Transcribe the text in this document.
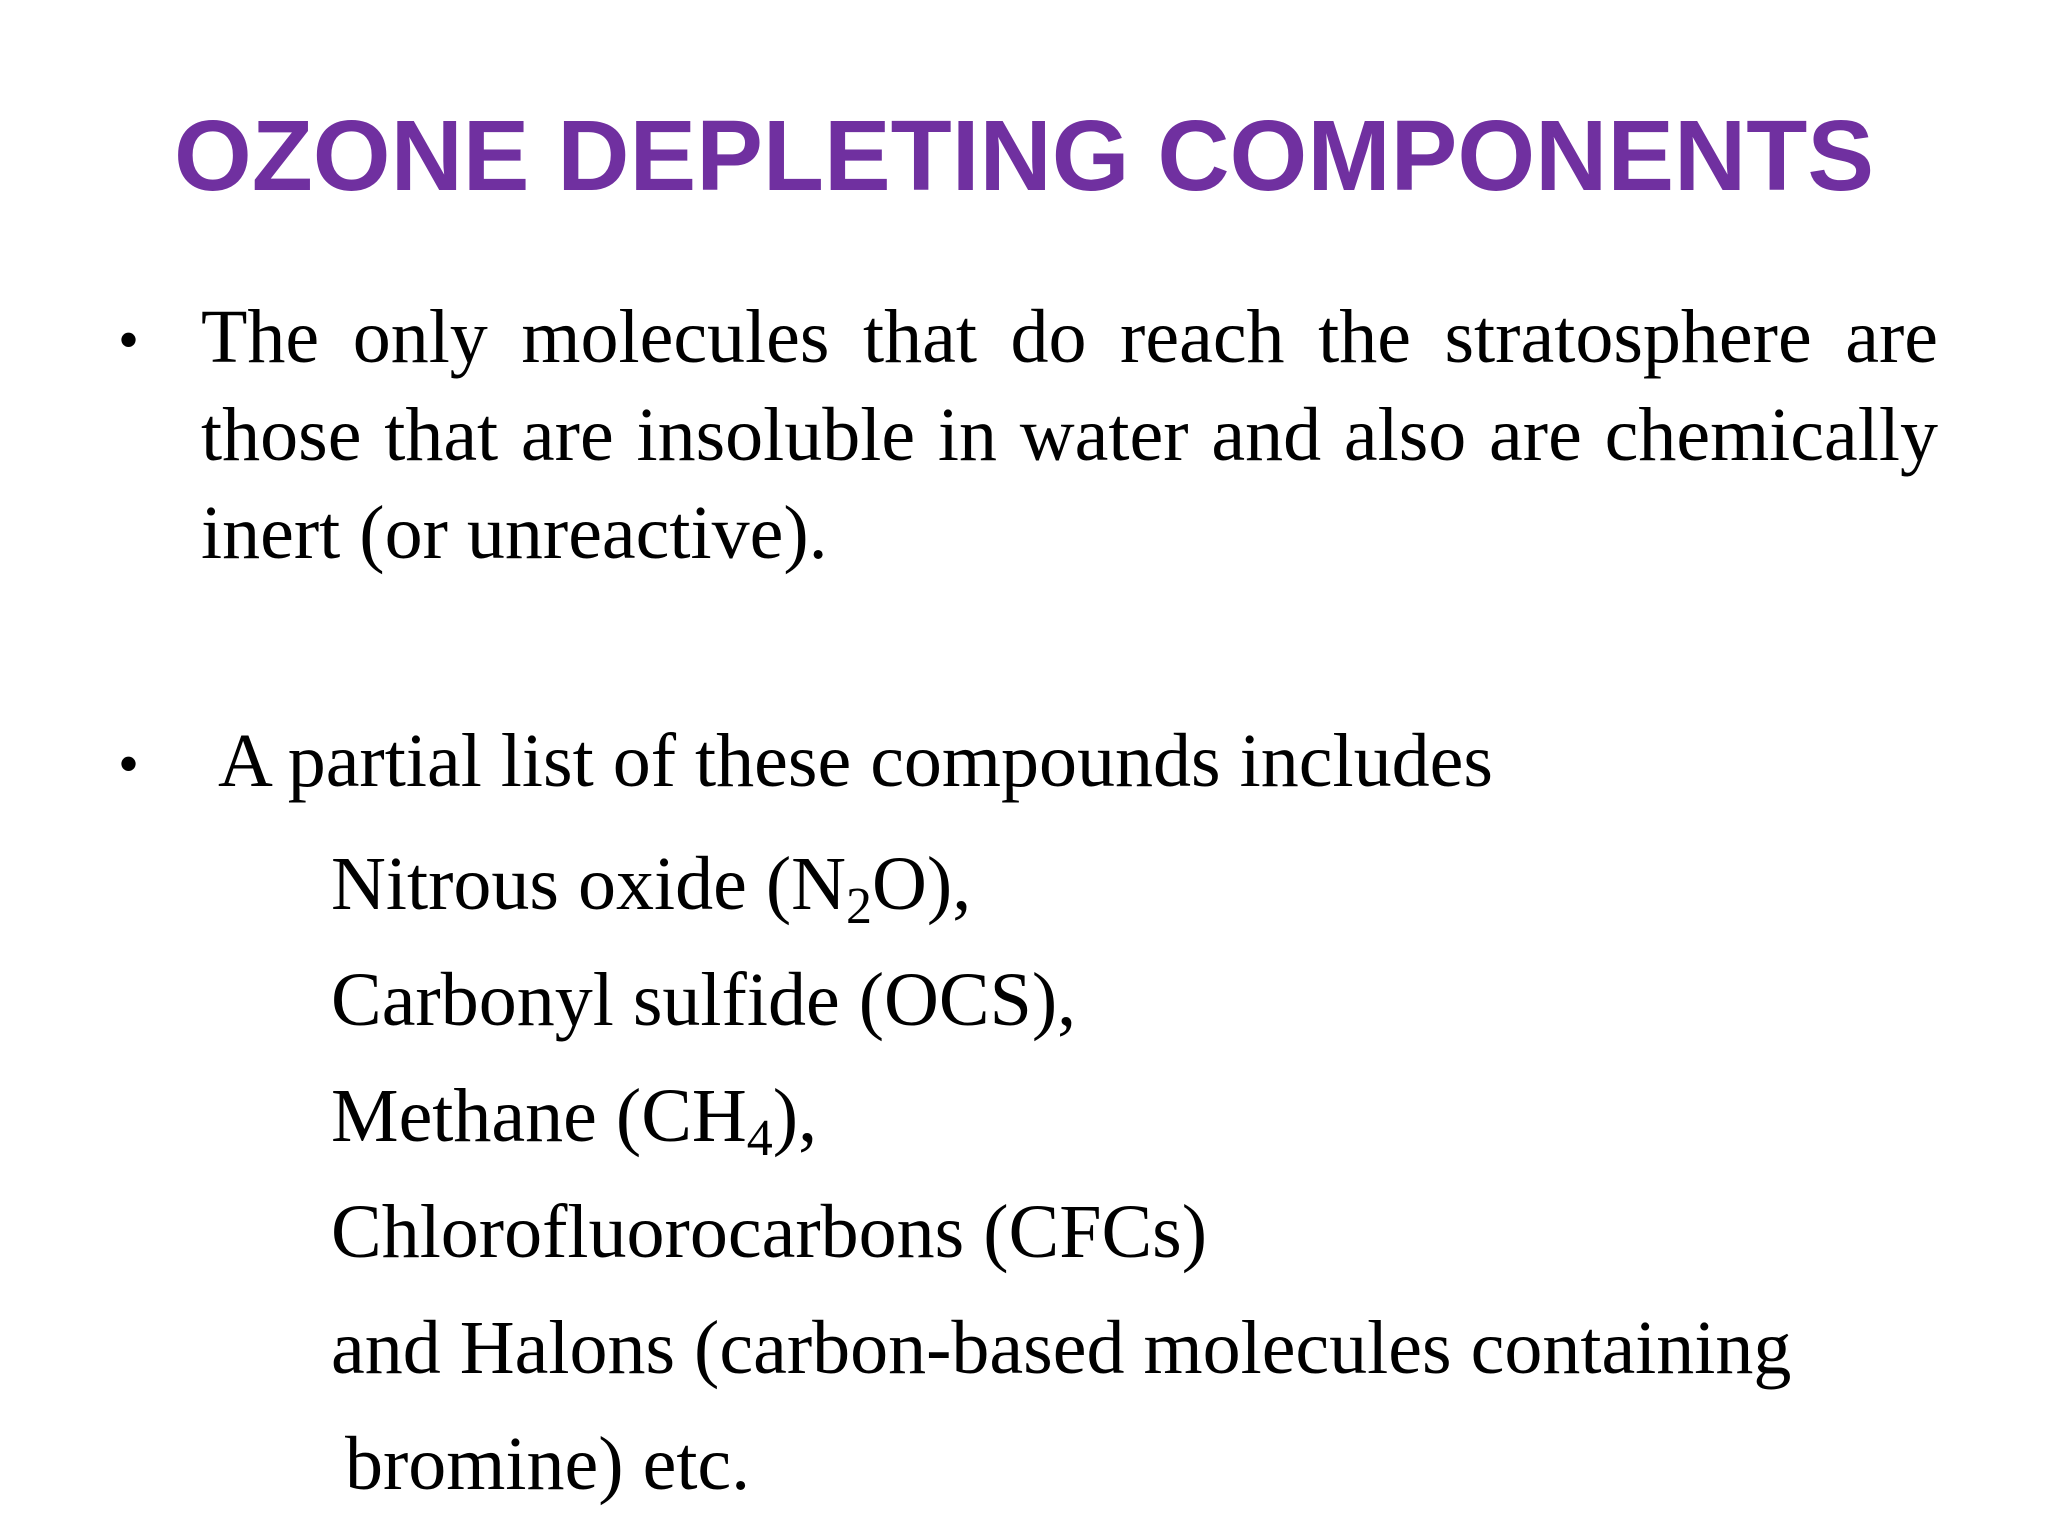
OZONE DEPLETING COMPONENTS
• The only molecules that do reach the stratosphere are those that are insoluble in water and also are chemically inert (or unreactive).
• A partial list of these compounds includes
Nitrous oxide $(N_2O)$,
Carbonyl sulfide (OCS),
Methane $(CH_4)$,
Chlorofluorocarbons (CFCs)
and Halons (carbon-based molecules containing
bromine) etc.
